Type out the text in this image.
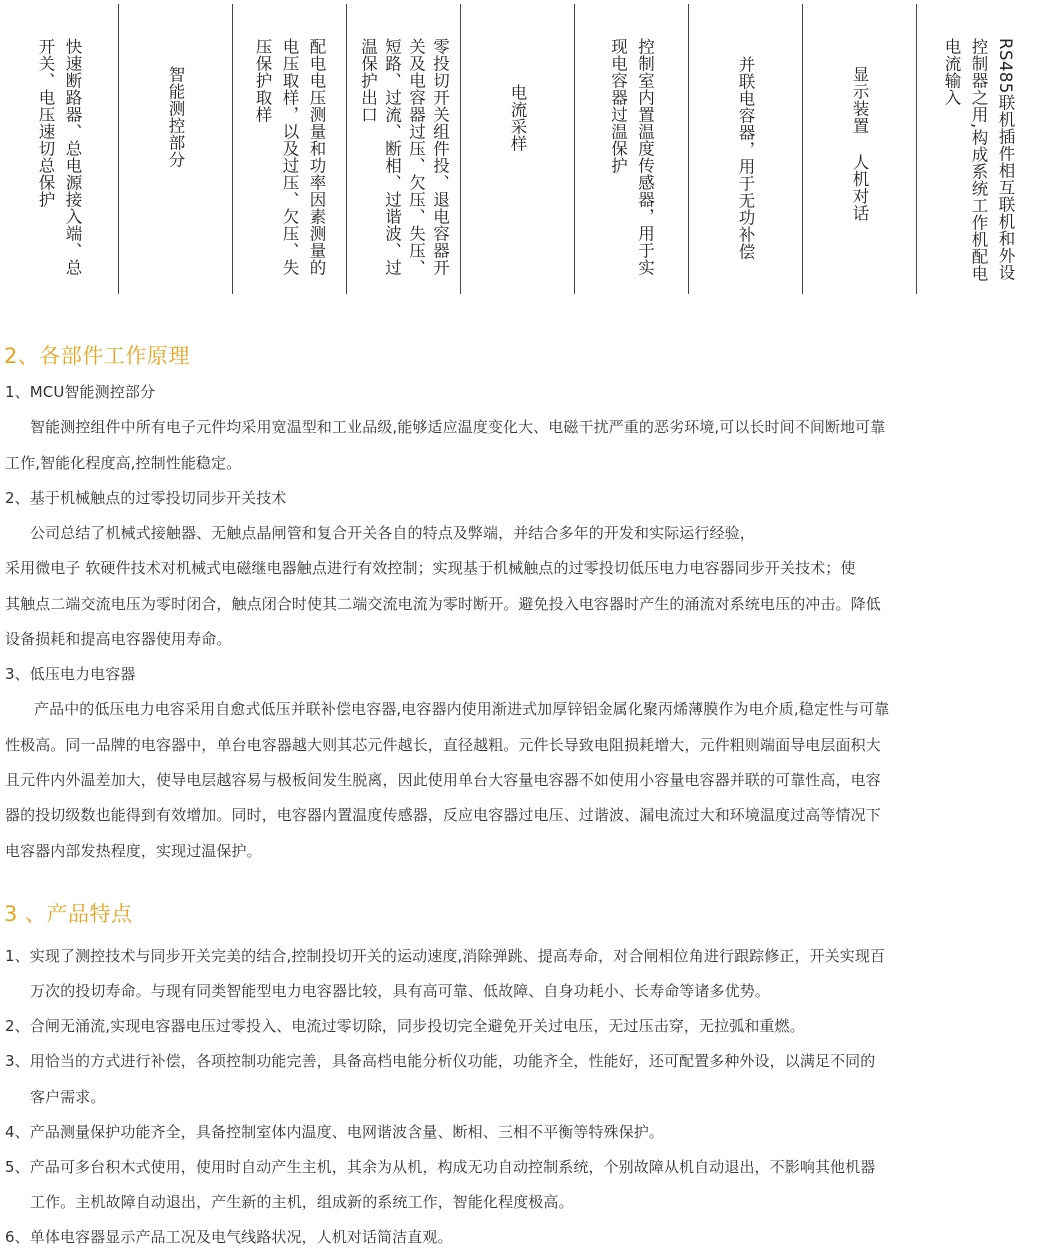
快速断路器、总电源接入端、总开关、电压速切总保护	智能测控部分	配电电压测量和功率因素测量的电压取样，以及过压、欠压、失压保护取样	零投切开关组件投、退电容器开关及电容器过压、欠压、失压、短路、过流、断相、过谐波、过温保护出口	电流采样	控制室内置温度传感器，用于实现电容器过温保护	并联电容器，用于无功补偿	显示装置 人机对话	RS485联机插件相互联机和外设控制器之用,构成系统工作机配电电流输入
2、各部件工作原理
1、MCU智能测控部分
智能测控组件中所有电子元件均采用宽温型和工业品级,能够适应温度变化大、电磁干扰严重的恶劣环境,可以长时间不间断地可靠
工作,智能化程度高,控制性能稳定。
2、基于机械触点的过零投切同步开关技术
公司总结了机械式接触器、无触点晶闸管和复合开关各自的特点及弊端，并结合多年的开发和实际运行经验，
采用微电子 软硬件技术对机械式电磁继电器触点进行有效控制；实现基于机械触点的过零投切低压电力电容器同步开关技术；使
其触点二端交流电压为零时闭合，触点闭合时使其二端交流电流为零时断开。避免投入电容器时产生的涌流对系统电压的冲击。降低
设备损耗和提高电容器使用寿命。
3、低压电力电容器
产品中的低压电力电容采用自愈式低压并联补偿电容器,电容器内使用渐进式加厚锌铝金属化聚丙烯薄膜作为电介质,稳定性与可靠
性极高。同一品牌的电容器中，单台电容器越大则其芯元件越长，直径越粗。元件长导致电阻损耗增大，元件粗则端面导电层面积大
且元件内外温差加大，使导电层越容易与极板间发生脱离，因此使用单台大容量电容器不如使用小容量电容器并联的可靠性高，电容
器的投切级数也能得到有效增加。同时，电容器内置温度传感器，反应电容器过电压、过谐波、漏电流过大和环境温度过高等情况下
电容器内部发热程度，实现过温保护。
3 、产品特点
1、实现了测控技术与同步开关完美的结合,控制投切开关的运动速度,消除弹跳、提高寿命，对合闸相位角进行跟踪修正，开关实现百
万次的投切寿命。与现有同类智能型电力电容器比较，具有高可靠、低故障、自身功耗小、长寿命等诸多优势。
2、合闸无涌流,实现电容器电压过零投入、电流过零切除，同步投切完全避免开关过电压，无过压击穿，无拉弧和重燃。
3、用恰当的方式进行补偿，各项控制功能完善，具备高档电能分析仪功能，功能齐全，性能好，还可配置多种外设，以满足不同的
客户需求。
4、产品测量保护功能齐全，具备控制室体内温度、电网谐波含量、断相、三相不平衡等特殊保护。
5、产品可多台积木式使用，使用时自动产生主机，其余为从机，构成无功自动控制系统，个别故障从机自动退出，不影响其他机器
工作。主机故障自动退出，产生新的主机，组成新的系统工作，智能化程度极高。
6、单体电容器显示产品工况及电气线路状况，人机对话简洁直观。
